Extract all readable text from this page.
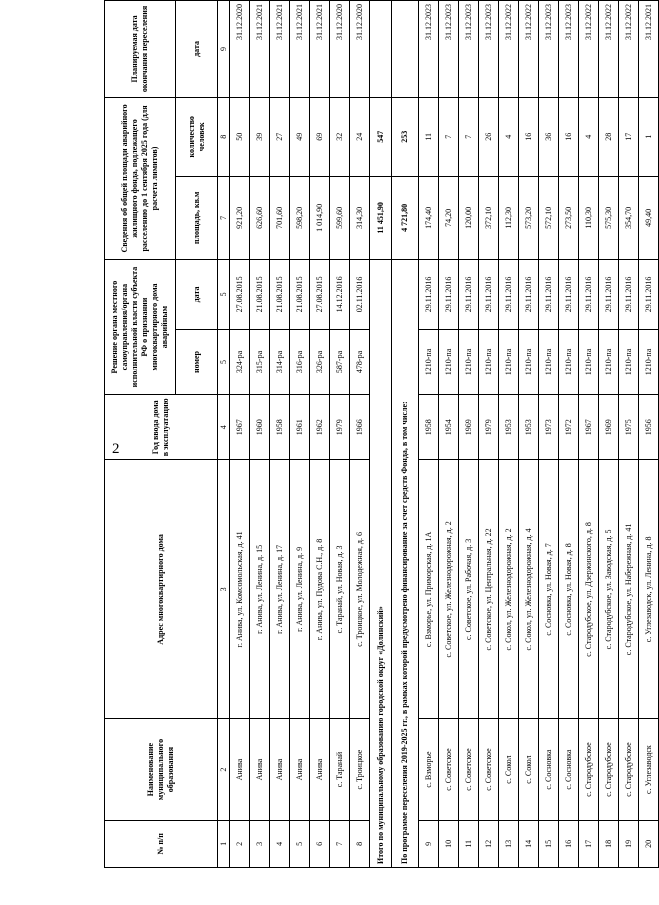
2
№ п/п	Наименование муниципального образования	Адрес многоквартирного дома	Год ввода дома в эксплуатацию	Решение органа местного самоуправления/органа исполнительной власти субъекта РФ о признании многоквартирного дома аварийным		Сведения об общей площади аварийного жилищного фонда, подлежащего расселению до 1 сентября 2025 года (для расчета лимитов)		Планируемая дата окончания переселения
				номер	дата	площадь, кв.м	количество человек	дата
1	2	3	4	5	5	7	8	9
2	Анива	г. Анива, ул. Комсомольская, д. 41	1967	324-ра	27.08.2015	921,20	50	31.12.2020
3	Анива	г. Анива, ул. Ленина, д. 15	1960	315-ра	21.08.2015	626,60	39	31.12.2021
4	Анива	г. Анива, ул. Ленина, д. 17	1958	314-ра	21.08.2015	701,60	27	31.12.2021
5	Анива	г. Анива, ул. Ленина, д. 9	1961	316-ра	21.08.2015	598,20	49	31.12.2021
6	Анива	г. Анива, ул. Пудова С.Н., д. 8	1962	326-ра	27.08.2015	1 014,90	69	31.12.2021
7	с. Таранай	с. Таранай, ул. Новая, д. 3	1979	587-ра	14.12.2016	599,60	32	31.12.2020
8	с. Троицкое	с. Троицкое, ул. Молодежная, д. 6	1966	478-ра	02.11.2016	314,30	24	31.12.2020
Итого по муниципальному образованию городской округ «Долинский»						11 451,90	547	
По программе переселения 2019-2025 гг., в рамках которой предусмотрено финансирование за счет средств Фонда, в том числе:						4 721,80	253	
9	с. Взморье	с. Взморье, ул. Приморская, д. 1А	1958	1210-па	29.11.2016	174,40	11	31.12.2023
10	с. Советское	с. Советское, ул. Железнодорожная, д. 2	1954	1210-па	29.11.2016	74,20	7	31.12.2023
11	с. Советское	с. Советское, ул. Рабочая, д. 3	1969	1210-па	29.11.2016	120,00	7	31.12.2023
12	с. Советское	с. Советское, ул. Центральная, д. 22	1979	1210-па	29.11.2016	372,10	26	31.12.2023
13	с. Сокол	с. Сокол, ул. Железнодорожная, д. 2	1953	1210-па	29.11.2016	112,30	4	31.12.2022
14	с. Сокол	с. Сокол, ул. Железнодорожная, д. 4	1953	1210-па	29.11.2016	573,20	16	31.12.2022
15	с. Сосновка	с. Сосновка, ул. Новая, д. 7	1973	1210-па	29.11.2016	572,10	36	31.12.2023
16	с. Сосновка	с. Сосновка, ул. Новая, д. 8	1972	1210-па	29.11.2016	273,50	16	31.12.2023
17	с. Стародубское	с. Стародубское, ул. Дзержинского, д. 8	1967	1210-па	29.11.2016	110,30	4	31.12.2022
18	с. Стародубское	с. Стародубское, ул. Заводская, д. 5	1969	1210-па	29.11.2016	575,30	28	31.12.2022
19	с. Стародубское	с. Стародубское, ул. Набережная, д. 41	1975	1210-па	29.11.2016	354,70	17	31.12.2022
20	с. Углезаводск	с. Углезаводск, ул. Ленина, д. 8	1956	1210-па	29.11.2016	49,40	1	31.12.2021
